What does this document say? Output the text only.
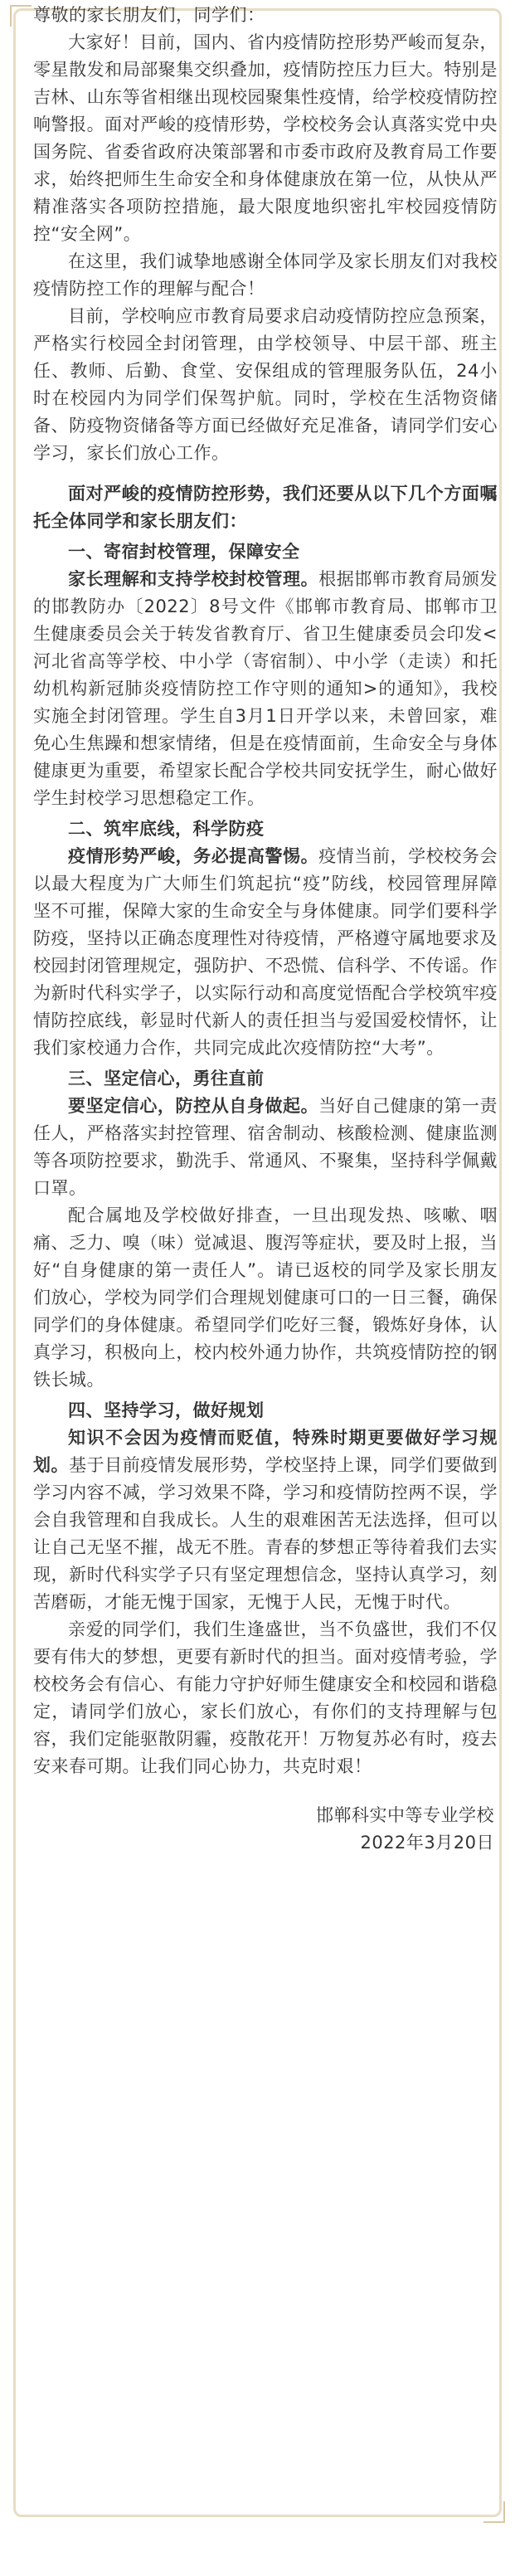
尊敬的家长朋友们，同学们：

大家好！目前，国内、省内疫情防控形势严峻而复杂，零星散发和局部聚集交织叠加，疫情防控压力巨大。特别是吉林、山东等省相继出现校园聚集性疫情，给学校疫情防控响警报。面对严峻的疫情形势，学校校务会认真落实党中央国务院、省委省政府决策部署和市委市政府及教育局工作要求，始终把师生生命安全和身体健康放在第一位，从快从严精准落实各项防控措施，最大限度地织密扎牢校园疫情防控“安全网”。

在这里，我们诚挚地感谢全体同学及家长朋友们对我校疫情防控工作的理解与配合！

目前，学校响应市教育局要求启动疫情防控应急预案，严格实行校园全封闭管理，由学校领导、中层干部、班主任、教师、后勤、食堂、安保组成的管理服务队伍，24小时在校园内为同学们保驾护航。同时，学校在生活物资储备、防疫物资储备等方面已经做好充足准备，请同学们安心学习，家长们放心工作。

面对严峻的疫情防控形势，我们还要从以下几个方面嘱托全体同学和家长朋友们：

一、寄宿封校管理，保障安全

家长理解和支持学校封校管理。根据邯郸市教育局颁发的邯教防办〔2022〕8号文件《邯郸市教育局、邯郸市卫生健康委员会关于转发省教育厅、省卫生健康委员会印发<河北省高等学校、中小学（寄宿制）、中小学（走读）和托幼机构新冠肺炎疫情防控工作守则的通知>的通知》，我校实施全封闭管理。学生自3月1日开学以来，未曾回家，难免心生焦躁和想家情绪，但是在疫情面前，生命安全与身体健康更为重要，希望家长配合学校共同安抚学生，耐心做好学生封校学习思想稳定工作。

二、筑牢底线，科学防疫

疫情形势严峻，务必提高警惕。疫情当前，学校校务会以最大程度为广大师生们筑起抗“疫”防线，校园管理屏障坚不可摧，保障大家的生命安全与身体健康。同学们要科学防疫，坚持以正确态度理性对待疫情，严格遵守属地要求及校园封闭管理规定，强防护、不恐慌、信科学、不传谣。作为新时代科实学子，以实际行动和高度觉悟配合学校筑牢疫情防控底线，彰显时代新人的责任担当与爱国爱校情怀，让我们家校通力合作，共同完成此次疫情防控“大考”。

三、坚定信心，勇往直前

要坚定信心，防控从自身做起。当好自己健康的第一责任人，严格落实封控管理、宿舍制动、核酸检测、健康监测等各项防控要求，勤洗手、常通风、不聚集，坚持科学佩戴口罩。

配合属地及学校做好排查，一旦出现发热、咳嗽、咽痛、乏力、嗅（味）觉减退、腹泻等症状，要及时上报，当好“自身健康的第一责任人”。请已返校的同学及家长朋友们放心，学校为同学们合理规划健康可口的一日三餐，确保同学们的身体健康。希望同学们吃好三餐，锻炼好身体，认真学习，积极向上，校内校外通力协作，共筑疫情防控的钢铁长城。

四、坚持学习，做好规划

知识不会因为疫情而贬值，特殊时期更要做好学习规划。基于目前疫情发展形势，学校坚持上课，同学们要做到学习内容不减，学习效果不降，学习和疫情防控两不误，学会自我管理和自我成长。人生的艰难困苦无法选择，但可以让自己无坚不摧，战无不胜。青春的梦想正等待着我们去实现，新时代科实学子只有坚定理想信念，坚持认真学习，刻苦磨砺，才能无愧于国家，无愧于人民，无愧于时代。

亲爱的同学们，我们生逢盛世，当不负盛世，我们不仅要有伟大的梦想，更要有新时代的担当。面对疫情考验，学校校务会有信心、有能力守护好师生健康安全和校园和谐稳定，请同学们放心，家长们放心，有你们的支持理解与包容，我们定能驱散阴霾，疫散花开！万物复苏必有时，疫去安来春可期。让我们同心协力，共克时艰！

邯郸科实中等专业学校

2022年3月20日
